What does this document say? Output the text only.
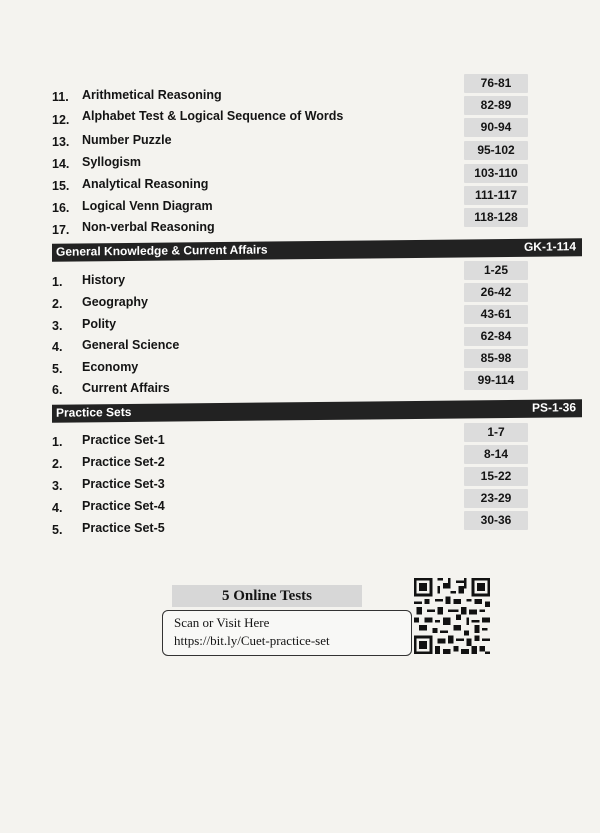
11. Arithmetical Reasoning
76-81
12. Alphabet Test & Logical Sequence of Words
82-89
13. Number Puzzle
90-94
14. Syllogism
95-102
15. Analytical Reasoning
103-110
16. Logical Venn Diagram
111-117
17. Non-verbal Reasoning
118-128
General Knowledge & Current Affairs	GK-1-114
1. History
1-25
2. Geography
26-42
3. Polity
43-61
4. General Science
62-84
5. Economy
85-98
6. Current Affairs
99-114
Practice Sets	PS-1-36
1. Practice Set-1
1-7
2. Practice Set-2
8-14
3. Practice Set-3
15-22
4. Practice Set-4
23-29
5. Practice Set-5
30-36
5 Online Tests
Scan or Visit Here
https://bit.ly/Cuet-practice-set
